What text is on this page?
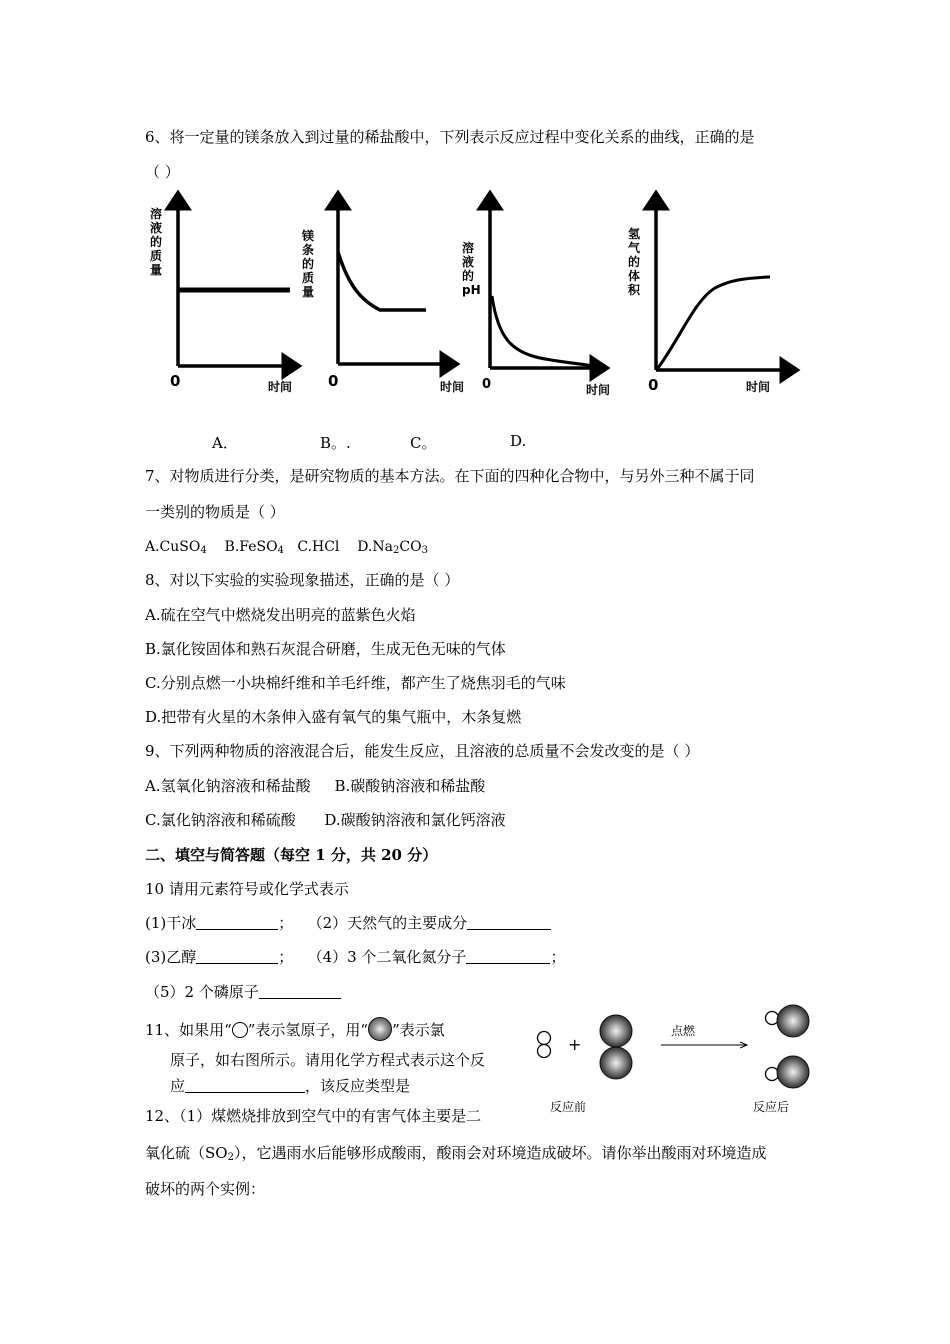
6、将一定量的镁条放入到过量的稀盐酸中，下列表示反应过程中变化关系的曲线，正确的是
（ ）
溶 液 的 质 量
0	时间
镁 条 的 质 量
0	时间
溶 液 的 pH
0	时间
氢 气 的 体 积
0	时间
A．	B。.	C。	D.
7、对物质进行分类，是研究物质的基本方法。在下面的四种化合物中，与另外三种不属于同
一类别的物质是（ ）
A.CuSO$_4$ B.FeSO$_4$ C.HCl $D.Na_2CO_3$
8、对以下实验的实验现象描述，正确的是（ ）
A.硫在空气中燃烧发出明亮的蓝紫色火焰
B.氯化铵固体和熟石灰混合研磨，生成无色无味的气体
C.分别点燃一小块棉纤维和羊毛纤维，都产生了烧焦羽毛的气味
D.把带有火星的木条伸入盛有氧气的集气瓶中，木条复燃
9、下列两种物质的溶液混合后，能发生反应，且溶液的总质量不会发改变的是（ ）
A.氢氧化钠溶液和稀盐酸 B.碳酸钠溶液和稀盐酸
C.氯化钠溶液和稀硫酸 D.碳酸钠溶液和氯化钙溶液
二、填空与简答题（每空 1 分，共 20 分）
10 请用元素符号或化学式表示
(1)干冰	； （2）天然气的主要成分
(3)乙醇	； （4）3 个二氧化氮分子	；
（5）2 个磷原子
11、如果用“ ”表示氢原子，用“ ”表示氯
原子，如右图所示。请用化学方程式表示这个反
应	，该反应类型是
+
点燃
反应前	反应后
12、（1）煤燃烧排放到空气中的有害气体主要是二
氧化硫$(SO_2)$，它遇雨水后能够形成酸雨，酸雨会对环境造成破坏。请你举出酸雨对环境造成
破坏的两个实例：
